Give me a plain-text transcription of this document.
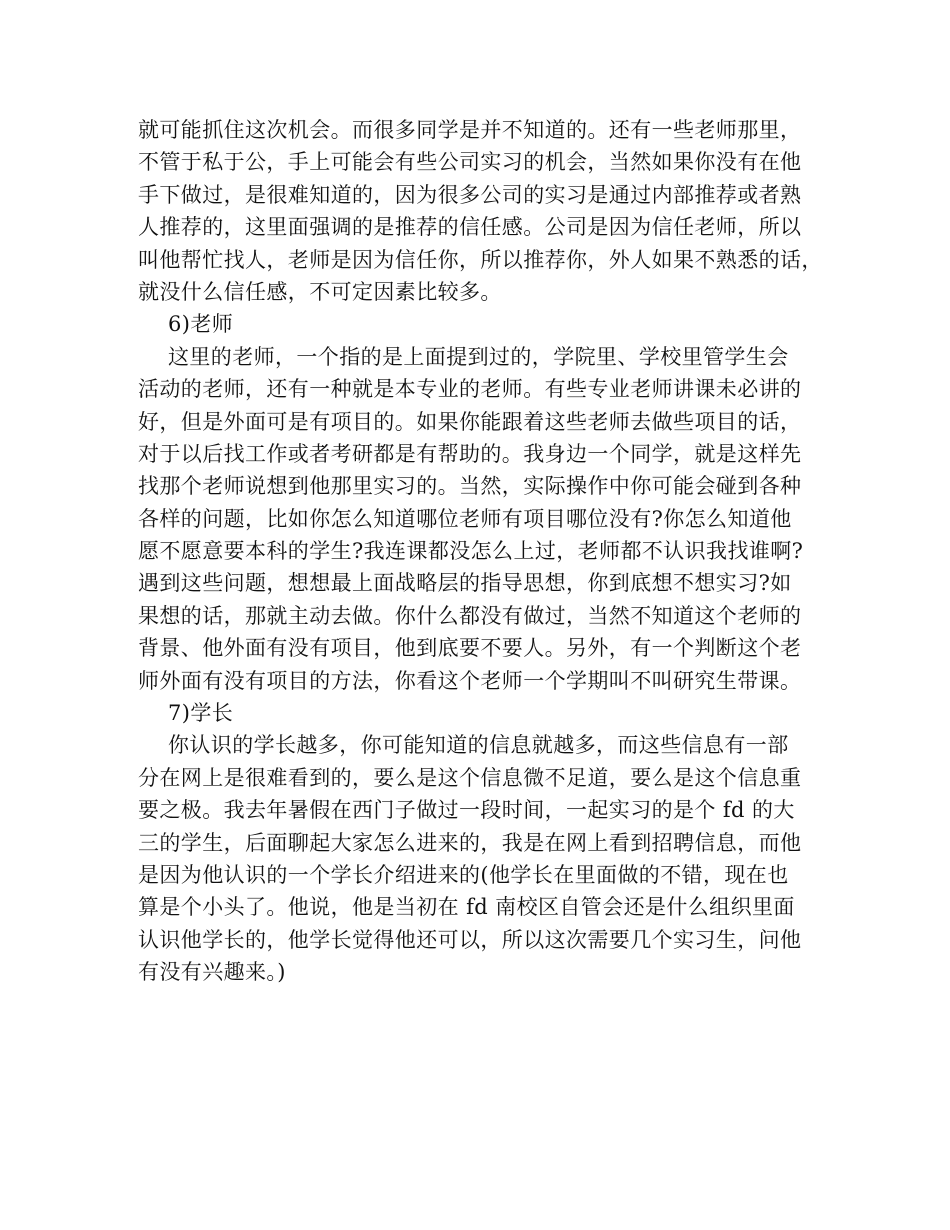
就可能抓住这次机会。而很多同学是并不知道的。还有一些老师那里，
不管于私于公，手上可能会有些公司实习的机会，当然如果你没有在他
手下做过，是很难知道的，因为很多公司的实习是通过内部推荐或者熟
人推荐的，这里面强调的是推荐的信任感。公司是因为信任老师，所以
叫他帮忙找人，老师是因为信任你，所以推荐你，外人如果不熟悉的话，
就没什么信任感，不可定因素比较多。
6)老师
这里的老师，一个指的是上面提到过的，学院里、学校里管学生会
活动的老师，还有一种就是本专业的老师。有些专业老师讲课未必讲的
好，但是外面可是有项目的。如果你能跟着这些老师去做些项目的话，
对于以后找工作或者考研都是有帮助的。我身边一个同学，就是这样先
找那个老师说想到他那里实习的。当然，实际操作中你可能会碰到各种
各样的问题，比如你怎么知道哪位老师有项目哪位没有?你怎么知道他
愿不愿意要本科的学生?我连课都没怎么上过，老师都不认识我找谁啊?
遇到这些问题，想想最上面战略层的指导思想，你到底想不想实习?如
果想的话，那就主动去做。你什么都没有做过，当然不知道这个老师的
背景、他外面有没有项目，他到底要不要人。另外，有一个判断这个老
师外面有没有项目的方法，你看这个老师一个学期叫不叫研究生带课。
7)学长
你认识的学长越多，你可能知道的信息就越多，而这些信息有一部
分在网上是很难看到的，要么是这个信息微不足道，要么是这个信息重
要之极。我去年暑假在西门子做过一段时间，一起实习的是个 fd 的大
三的学生，后面聊起大家怎么进来的，我是在网上看到招聘信息，而他
是因为他认识的一个学长介绍进来的(他学长在里面做的不错，现在也
算是个小头了。他说，他是当初在 fd 南校区自管会还是什么组织里面
认识他学长的，他学长觉得他还可以，所以这次需要几个实习生，问他
有没有兴趣来。)
